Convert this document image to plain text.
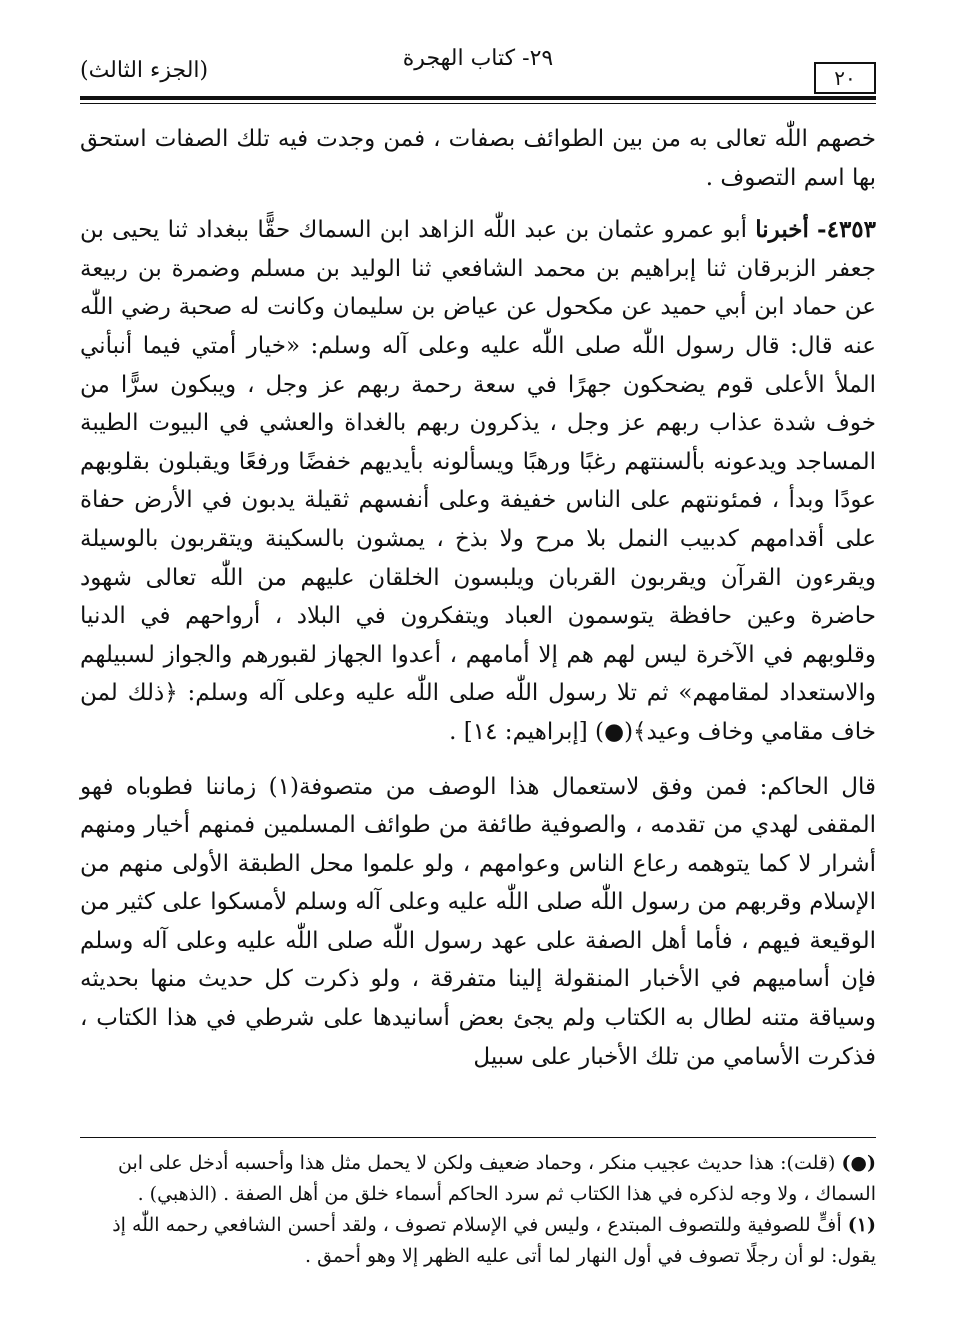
٢٠
٢٩- كتاب الهجرة
(الجزء الثالث)

خصهم اللّٰه تعالى به من بين الطوائف بصفات ، فمن وجدت فيه تلك الصفات استحق بها اسم التصوف .

٤٣٥٣- أخبرنا أبو عمرو عثمان بن عبد اللّٰه الزاهد ابن السماك حقًّا ببغداد ثنا يحيى بن جعفر الزبرقان ثنا إبراهيم بن محمد الشافعي ثنا الوليد بن مسلم وضمرة بن ربيعة عن حماد ابن أبي حميد عن مكحول عن عياض بن سليمان وكانت له صحبة رضي اللّٰه عنه قال: قال رسول اللّٰه صلى اللّٰه عليه وعلى آله وسلم: «خيار أمتي فيما أنبأني الملأ الأعلى قوم يضحكون جهرًا في سعة رحمة ربهم عز وجل ، ويبكون سرًّا من خوف شدة عذاب ربهم عز وجل ، يذكرون ربهم بالغداة والعشي في البيوت الطيبة المساجد ويدعونه بألسنتهم رغبًا ورهبًا ويسألونه بأيديهم خفضًا ورفعًا ويقبلون بقلوبهم عودًا وبدأ ، فمئونتهم على الناس خفيفة وعلى أنفسهم ثقيلة يدبون في الأرض حفاة على أقدامهم كدبيب النمل بلا مرح ولا بذخ ، يمشون بالسكينة ويتقربون بالوسيلة ويقرءون القرآن ويقربون القربان ويلبسون الخلقان عليهم من اللّٰه تعالى شهود حاضرة وعين حافظة يتوسمون العباد ويتفكرون في البلاد ، أرواحهم في الدنيا وقلوبهم في الآخرة ليس لهم هم إلا أمامهم ، أعدوا الجهاز لقبورهم والجواز لسبيلهم والاستعداد لمقامهم» ثم تلا رسول اللّٰه صلى اللّٰه عليه وعلى آله وسلم: ﴿ذلك لمن خاف مقامي وخاف وعيد﴾(●) [إبراهيم: ١٤] .

قال الحاكم: فمن وفق لاستعمال هذا الوصف من متصوفة(١) زماننا فطوباه فهو المقفى لهدي من تقدمه ، والصوفية طائفة من طوائف المسلمين فمنهم أخيار ومنهم أشرار لا كما يتوهمه رعاع الناس وعوامهم ، ولو علموا محل الطبقة الأولى منهم من الإسلام وقربهم من رسول اللّٰه صلى اللّٰه عليه وعلى آله وسلم لأمسكوا على كثير من الوقيعة فيهم ، فأما أهل الصفة على عهد رسول اللّٰه صلى اللّٰه عليه وعلى آله وسلم فإن أساميهم في الأخبار المنقولة إلينا متفرقة ، ولو ذكرت كل حديث منها بحديثه وسياقة متنه لطال به الكتاب ولم يجئ بعض أسانيدها على شرطي في هذا الكتاب ، فذكرت الأسامي من تلك الأخبار على سبيل

(●) (قلت): هذا حديث عجيب منكر ، وحماد ضعيف ولكن لا يحمل مثل هذا وأحسبه أدخل على ابن السماك ، ولا وجه لذكره في هذا الكتاب ثم سرد الحاكم أسماء خلق من أهل الصفة . (الذهبي) .

(١) أفٍّ للصوفية وللتصوف المبتدع ، وليس في الإسلام تصوف ، ولقد أحسن الشافعي رحمه اللّٰه إذ يقول: لو أن رجلًا تصوف في أول النهار لما أتى عليه الظهر إلا وهو أحمق .
